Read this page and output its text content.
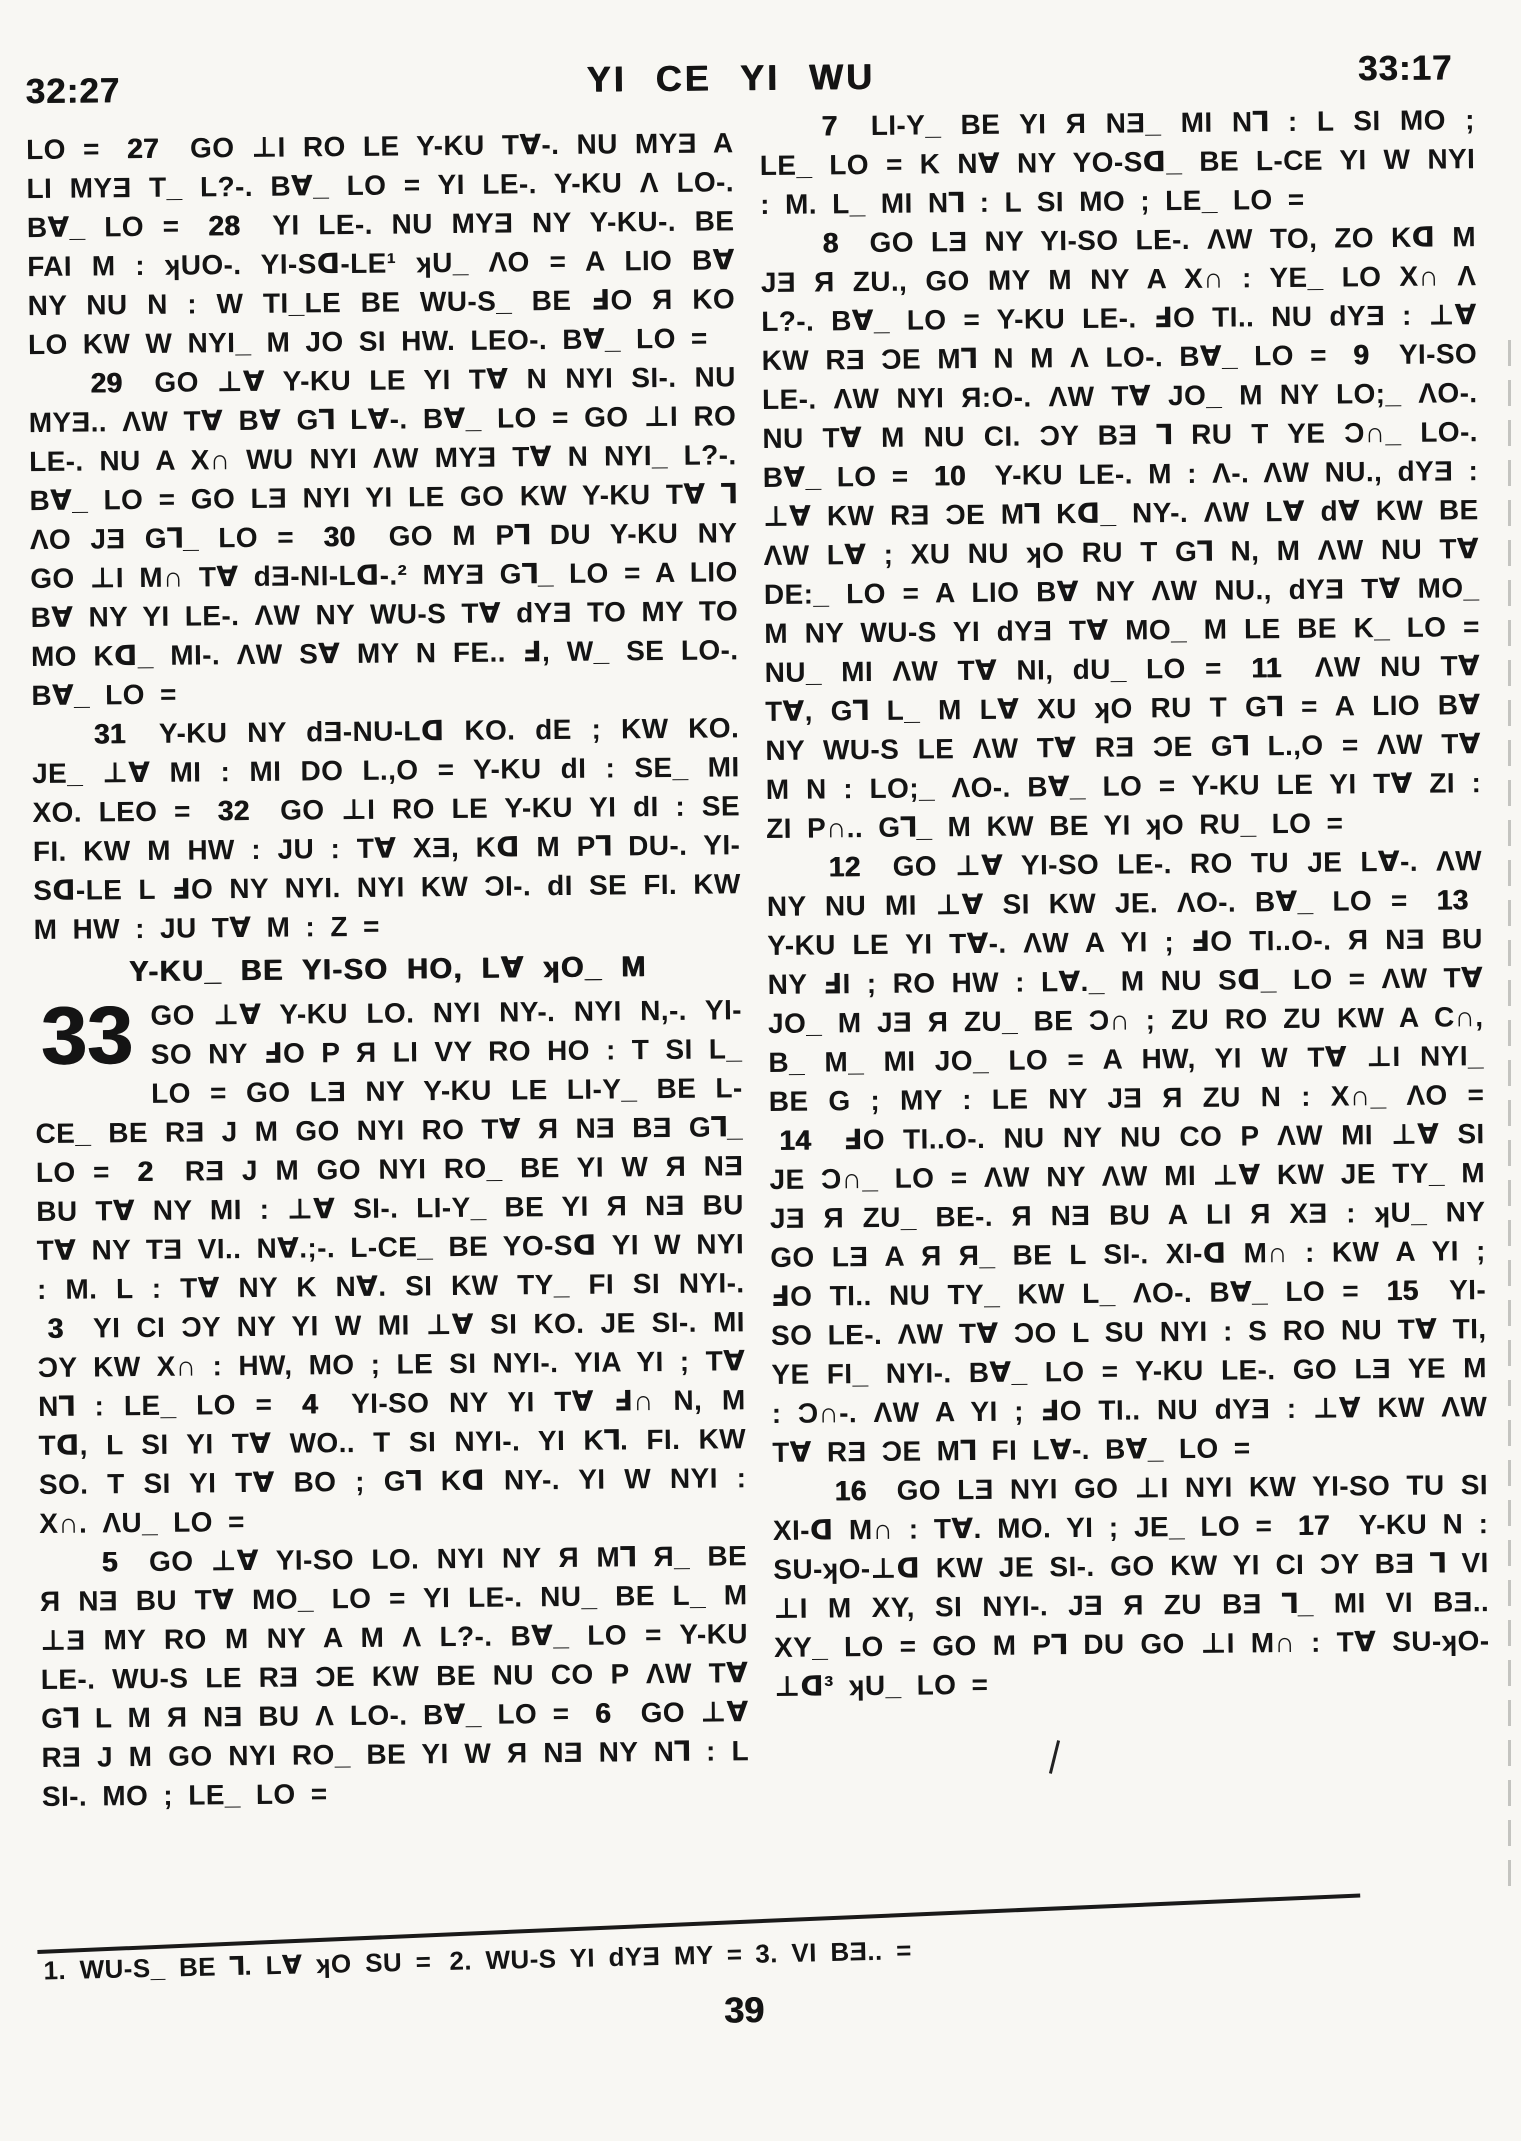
32:27	YI CE YI WU	33:17

LO = 27 GO ⊥I RO LE Y-KU T∀-. NU MYƎ A LI MYƎ T_ L?-. B∀_ LO = YI LE-. Y-KU Λ LO-. B∀_ LO = 28 YI LE-. NU MYƎ NY Y-KU-. BE FAI M : ʞUO-. YI-Sᗡ-LE¹ ʞU_ ΛO = A LIO B∀ NY NU N : W TI_LE BE WU-S_ BE ℲO Я KO LO KW W NYI_ M JO SI HW. LEO-. B∀_ LO =

29 GO ⊥∀ Y-KU LE YI T∀ N NYI SI-. NU MYƎ.. ΛW T∀ B∀ G⅂ L∀-. B∀_ LO = GO ⊥I RO LE-. NU A X∩ WU NYI ΛW MYƎ T∀ N NYI_ L?-. B∀_ LO = GO LƎ NYI YI LE GO KW Y-KU T∀ ⅂ ΛO JƎ G⅂_ LO = 30 GO M P⅂ DU Y-KU NY GO ⊥I M∩ T∀ dƎ-NI-Lᗡ-.² MYƎ G⅂_ LO = A LIO B∀ NY YI LE-. ΛW NY WU-S T∀ dYƎ TO MY TO MO Kᗡ_ MI-. ΛW S∀ MY N FE.. Ⅎ, W_ SE LO-. B∀_ LO =

31 Y-KU NY dƎ-NU-Lᗡ KO. dE ; KW KO. JE_ ⊥∀ MI : MI DO L.,O = Y-KU dI : SE_ MI XO. LEO = 32 GO ⊥I RO LE Y-KU YI dI : SE FI. KW M HW : JU : T∀ XƎ, Kᗡ M P⅂ DU-. YI-Sᗡ-LE L ℲO NY NYI. NYI KW ƆI-. dI SE FI. KW M HW : JU T∀ M : Z =

Y-KU_ BE YI-SO HO, L∀ ʞO_ M

33 GO ⊥∀ Y-KU LO. NYI NY-. NYI N,-. YI-SO NY ℲO P Я LI VY RO HO : T SI L_ LO = GO LƎ NY Y-KU LE LI-Y_ BE L-CE_ BE RƎ J M GO NYI RO T∀ Я NƎ BƎ G⅂_ LO = 2 RƎ J M GO NYI RO_ BE YI W Я NƎ BU T∀ NY MI : ⊥∀ SI-. LI-Y_ BE YI Я NƎ BU T∀ NY TƎ VI.. N∀.;-. L-CE_ BE YO-Sᗡ YI W NYI : M. L : T∀ NY K N∀. SI KW TY_ FI SI NYI-. 3 YI CI ƆY NY YI W MI ⊥∀ SI KO. JE SI-. MI ƆY KW X∩ : HW, MO ; LE SI NYI-. YIA YI ; T∀ N⅂ : LE_ LO = 4 YI-SO NY YI T∀ Ⅎ∩ N, M Tᗡ, L SI YI T∀ WO.. T SI NYI-. YI K⅂. FI. KW SO. T SI YI T∀ BO ; G⅂ Kᗡ NY-. YI W NYI : X∩. ΛU_ LO =

5 GO ⊥∀ YI-SO LO. NYI NY Я M⅂ Я_ BE Я NƎ BU T∀ MO_ LO = YI LE-. NU_ BE L_ M ⊥Ǝ MY RO M NY A M Λ L?-. B∀_ LO = Y-KU LE-. WU-S LE RƎ ƆE KW BE NU CO P ΛW T∀ G⅂ L M Я NƎ BU Λ LO-. B∀_ LO = 6 GO ⊥∀ RƎ J M GO NYI RO_ BE YI W Я NƎ NY N⅂ : L SI-. MO ; LE_ LO =

7 LI-Y_ BE YI Я NƎ_ MI N⅂ : L SI MO ; LE_ LO = K N∀ NY YO-Sᗡ_ BE L-CE YI W NYI : M. L_ MI N⅂ : L SI MO ; LE_ LO =

8 GO LƎ NY YI-SO LE-. ΛW TO, ZO Kᗡ M JƎ Я ZU., GO MY M NY A X∩ : YE_ LO X∩ Λ L?-. B∀_ LO = Y-KU LE-. ℲO TI.. NU dYƎ : ⊥∀ KW RƎ ƆE M⅂ N M Λ LO-. B∀_ LO = 9 YI-SO LE-. ΛW NYI Я:O-. ΛW T∀ JO_ M NY LO;_ ΛO-. NU T∀ M NU CI. ƆY BƎ ⅂ RU T YE Ɔ∩_ LO-. B∀_ LO = 10 Y-KU LE-. M : Λ-. ΛW NU., dYƎ : ⊥∀ KW RƎ ƆE M⅂ Kᗡ_ NY-. ΛW L∀ d∀ KW BE ΛW L∀ ; XU NU ʞO RU T G⅂ N, M ΛW NU T∀ DE:_ LO = A LIO B∀ NY ΛW NU., dYƎ T∀ MO_ M NY WU-S YI dYƎ T∀ MO_ M LE BE K_ LO = NU_ MI ΛW T∀ NI, dU_ LO = 11 ΛW NU T∀ T∀, G⅂ L_ M L∀ XU ʞO RU T G⅂ = A LIO B∀ NY WU-S LE ΛW T∀ RƎ ƆE G⅂ L.,O = ΛW T∀ M N : LO;_ ΛO-. B∀_ LO = Y-KU LE YI T∀ ZI : ZI P∩.. G⅂_ M KW BE YI ʞO RU_ LO =

12 GO ⊥∀ YI-SO LE-. RO TU JE L∀-. ΛW NY NU MI ⊥∀ SI KW JE. ΛO-. B∀_ LO = 13 Y-KU LE YI T∀-. ΛW A YI ; ℲO TI..O-. Я NƎ BU NY ℲI ; RO HW : L∀._ M NU Sᗡ_ LO = ΛW T∀ JO_ M JƎ Я ZU_ BE Ɔ∩ ; ZU RO ZU KW A C∩, B_ M_ MI JO_ LO = A HW, YI W T∀ ⊥I NYI_ BE G ; MY : LE NY JƎ Я ZU N : X∩_ ΛO = 14 ℲO TI..O-. NU NY NU CO P ΛW MI ⊥∀ SI JE Ɔ∩_ LO = ΛW NY ΛW MI ⊥∀ KW JE TY_ M JƎ Я ZU_ BE-. Я NƎ BU A LI Я XƎ : ʞU_ NY GO LƎ A Я Я_ BE L SI-. XI-ᗡ M∩ : KW A YI ; ℲO TI.. NU TY_ KW L_ ΛO-. B∀_ LO = 15 YI-SO LE-. ΛW T∀ ƆO L SU NYI : S RO NU T∀ TI, YE FI_ NYI-. B∀_ LO = Y-KU LE-. GO LƎ YE M : Ɔ∩-. ΛW A YI ; ℲO TI.. NU dYƎ : ⊥∀ KW ΛW T∀ RƎ ƆE M⅂ FI L∀-. B∀_ LO =

16 GO LƎ NYI GO ⊥I NYI KW YI-SO TU SI XI-ᗡ M∩ : T∀. MO. YI ; JE_ LO = 17 Y-KU N : SU-ʞO-⊥ᗡ KW JE SI-. GO KW YI CI ƆY BƎ ⅂ VI ⊥I M XY, SI NYI-. JƎ Я ZU BƎ ⅂_ MI VI BƎ.. XY_ LO = GO M P⅂ DU GO ⊥I M∩ : T∀ SU-ʞO-⊥ᗡ³ ʞU_ LO =

1. WU-S_ BE ⅂. L∀ ʞO SU = 2. WU-S YI dYƎ MY = 3. VI BƎ.. =
39
